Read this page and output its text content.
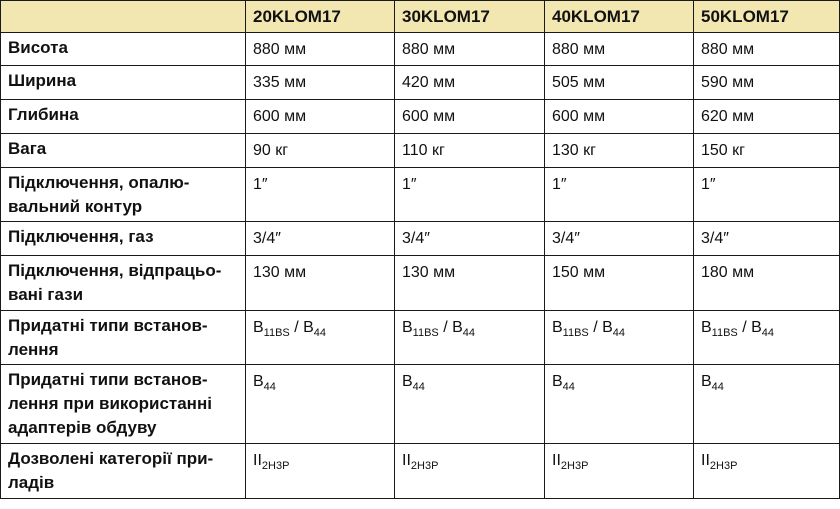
	20KLOM17	30KLOM17	40KLOM17	50KLOM17
Висота	880 мм	880 мм	880 мм	880 мм
Ширина	335 мм	420 мм	505 мм	590 мм
Глибина	600 мм	600 мм	600 мм	620 мм
Вага	90 кг	110 кг	130 кг	150 кг

Підключення, опалю-
вальний контур	1″	1″	1″	1″
Підключення, газ	3/4″	3/4″	3/4″	3/4″

Підключення, відпрацьо-
вані гази	130 мм	130 мм	150 мм	180 мм

Придатні типи встанов-
лення	$B_{11BS} / B_{44}$	$B_{11BS} / B_{44}$	$B_{11BS} / B_{44}$	$B_{11BS} / B_{44}$

Придатні типи встанов-
лення при використанні
адаптерів обдуву	$B_{44}$	$B_{44}$	$B_{44}$	$B_{44}$

Дозволені категорії при-
ладів	$II_{2H3P}$	$II_{2H3P}$	$II_{2H3P}$	$II_{2H3P}$
